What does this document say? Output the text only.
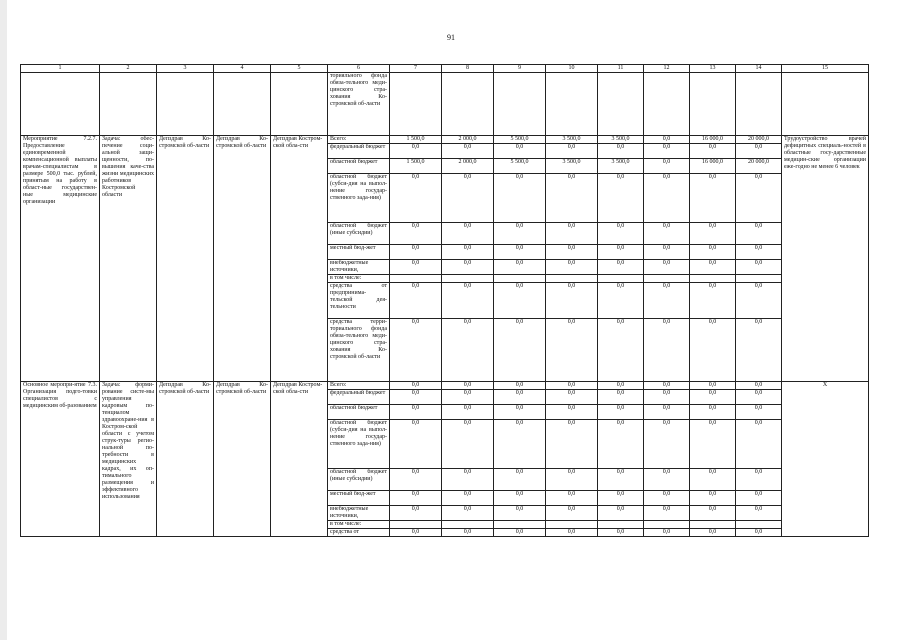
91
1	2	3	4	5	6	7	8	9	10	11	12	13	14	15
					торияльного фонда обяза-тельного меди-цинского стра-хования Ко-стромской об-ласти									
Мероприятие 7.2.7. Предоставление единовременной компенсационной выплаты врачам-специалистам в размере 500,0 тыс. рублей, принятым на работу в област-ные государствен-ные медицинские организации	Задача: обес-печение соци-альной защи-щенности, по-вышения каче-ства жизни медицинских работников Костромской области	Депздрав Ко-стромской об-ласти	Депздрав Ко-стромской об-ласти	Депздрав Костром-ской обла-сти	Всего:	1 500,0	2 000,0	5 500,0	3 500,0	3 500,0	0,0	16 000,0	20 000,0	Трудоустройство врачей дефицитных специаль-ностей в областные госу-дарственные медицин-ские организации еже-годно не менее 6 человек
					федеральный бюджет	0,0	0,0	0,0	0,0	0,0	0,0	0,0	0,0	
					областной бюджет	1 500,0	2 000,0	5 500,0	3 500,0	3 500,0	0,0	16 000,0	20 000,0	
					областной бюджет (субси-дия на выпол-нение государ-ственного зада-ния)	0,0	0,0	0,0	0,0	0,0	0,0	0,0	0,0	
					областной бюджет (иные субсидии)	0,0	0,0	0,0	0,0	0,0	0,0	0,0	0,0	
					местный бюд-жет	0,0	0,0	0,0	0,0	0,0	0,0	0,0	0,0	
					внебюджетные источники,	0,0	0,0	0,0	0,0	0,0	0,0	0,0	0,0	
					в том числе:									
					средства от предпринима-тельской дея-тельности	0,0	0,0	0,0	0,0	0,0	0,0	0,0	0,0	
					средства терри-ториального фонда обяза-тельного меди-цинского стра-хования Ко-стромской об-ласти	0,0	0,0	0,0	0,0	0,0	0,0	0,0	0,0	
Основное меропри-ятие 7.3. Организация подго-товки специалистов с медицинским об-разованием	Задача: форми-рование систе-мы управления кадровым по-тенциалом здравоохране-ния в Костром-ской области с учетом струк-туры регио-нальной по-требности в медицинских кадрах, их оп-тимального размещения и эффективного использования	Депздрав Ко-стромской об-ласти	Депздрав Ко-стромской об-ласти	Депздрав Костром-ской обла-сти	Всего:	0,0	0,0	0,0	0,0	0,0	0,0	0,0	0,0	Х
					федеральный бюджет	0,0	0,0	0,0	0,0	0,0	0,0	0,0	0,0	
					областной бюджет	0,0	0,0	0,0	0,0	0,0	0,0	0,0	0,0	
					областной бюджет (субси-дия на выпол-нение государ-ственного зада-ния)	0,0	0,0	0,0	0,0	0,0	0,0	0,0	0,0	
					областной бюджет (иные субсидии)	0,0	0,0	0,0	0,0	0,0	0,0	0,0	0,0	
					местный бюд-жет	0,0	0,0	0,0	0,0	0,0	0,0	0,0	0,0	
					внебюджетные источники,	0,0	0,0	0,0	0,0	0,0	0,0	0,0	0,0	
					в том числе:									
					средства от	0,0	0,0	0,0	0,0	0,0	0,0	0,0	0,0	
